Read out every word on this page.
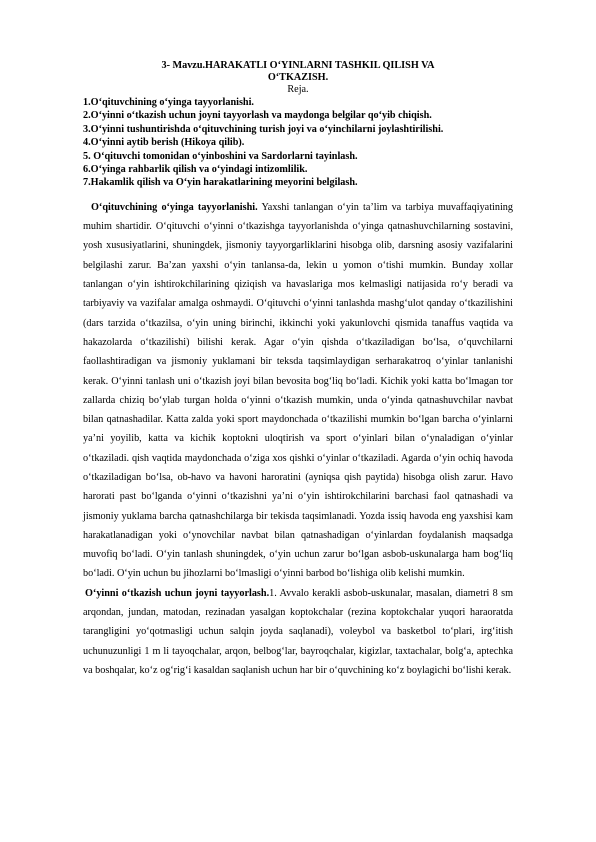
3- Mavzu.HARAKATLI O‘YINLARNI TASHKIL QILISH VA
O‘TKAZISH.

Reja.

1.O‘qituvchining o‘yinga tayyorlanishi.
2.O‘yinni o‘tkazish uchun joyni tayyorlash va maydonga belgilar qo‘yib chiqish.
3.O‘yinni tushuntirishda o‘qituvchining turish joyi va o‘yinchilarni joylashtirilishi.
4.O‘yinni aytib berish (Hikoya qilib).
5. O‘qituvchi tomonidan o‘yinboshini va Sardorlarni tayinlash.
6.O‘yinga rahbarlik qilish va o‘yindagi intizomlilik.
7.Hakamlik qilish va O‘yin harakatlarining meyorini belgilash.

O‘qituvchining o‘yinga tayyorlanishi. Yaxshi tanlangan o‘yin ta’lim va tarbiya muvaffaqiyatining muhim shartidir. O‘qituvchi o‘yinni o‘tkazishga tayyorlanishda o‘yinga qatnashuvchilarning sostavini, yosh xususiyatlarini, shuningdek, jismoniy tayyorgarliklarini hisobga olib, darsning asosiy vazifalarini belgilashi zarur. Ba’zan yaxshi o‘yin tanlansa-da, lekin u yomon o‘tishi mumkin. Bunday xollar tanlangan o‘yin ishtirokchilarining qiziqish va havaslariga mos kelmasligi natijasida ro‘y beradi va tarbiyaviy va vazifalar amalga oshmaydi. O‘qituvchi o‘yinni tanlashda mashg‘ulot qanday o‘tkazilishini (dars tarzida o‘tkazilsa, o‘yin uning birinchi, ikkinchi yoki yakunlovchi qismida tanaffus vaqtida va hakazolarda o‘tkazilishi) bilishi kerak. Agar o‘yin qishda o‘tkaziladigan bo‘lsa, o‘quvchilarni faollashtiradigan va jismoniy yuklamani bir teksda taqsimlaydigan serharakatroq o‘yinlar tanlanishi kerak. O‘yinni tanlash uni o‘tkazish joyi bilan bevosita bog‘liq bo‘ladi. Kichik yoki katta bo‘lmagan tor zallarda chiziq bo‘ylab turgan holda o‘yinni o‘tkazish mumkin, unda o‘yinda qatnashuvchilar navbat bilan qatnashadilar. Katta zalda yoki sport maydonchada o‘tkazilishi mumkin bo‘lgan barcha o‘yinlarni ya’ni yoyilib, katta va kichik koptokni uloqtirish va sport o‘yinlari bilan o‘ynaladigan o‘yinlar o‘tkaziladi. qish vaqtida maydonchada o‘ziga xos qishki o‘yinlar o‘tkaziladi. Agarda o‘yin ochiq havoda o‘tkaziladigan bo‘lsa, ob-havo va havoni haroratini (ayniqsa qish paytida) hisobga olish zarur. Havo harorati past bo‘lganda o‘yinni o‘tkazishni ya’ni o‘yin ishtirokchilarini barchasi faol qatnashadi va jismoniy yuklama barcha qatnashchilarga bir tekisda taqsimlanadi. Yozda issiq havoda eng yaxshisi kam harakatlanadigan yoki o‘ynovchilar navbat bilan qatnashadigan o‘yinlardan foydalanish maqsadga muvofiq bo‘ladi. O‘yin tanlash shuningdek, o‘yin uchun zarur bo‘lgan asbob-uskunalarga ham bog‘liq bo‘ladi. O‘yin uchun bu jihozlarni bo‘lmasligi o‘yinni barbod bo‘lishiga olib kelishi mumkin.

O‘yinni o‘tkazish uchun joyni tayyorlash.1. Avvalo kerakli asbob-uskunalar, masalan, diametri 8 sm arqondan, jundan, matodan, rezinadan yasalgan koptokchalar (rezina koptokchalar yuqori haraoratda tarangligini yo‘qotmasligi uchun salqin joyda saqlanadi), voleybol va basketbol to‘plari, irg‘itish uchunuzunligi 1 m li tayoqchalar, arqon, belbog‘lar, bayroqchalar, kigizlar, taxtachalar, bolg‘a, aptechka va boshqalar, ko‘z og‘rig‘i kasaldan saqlanish uchun har bir o‘quvchining ko‘z boylagichi bo‘lishi kerak.
